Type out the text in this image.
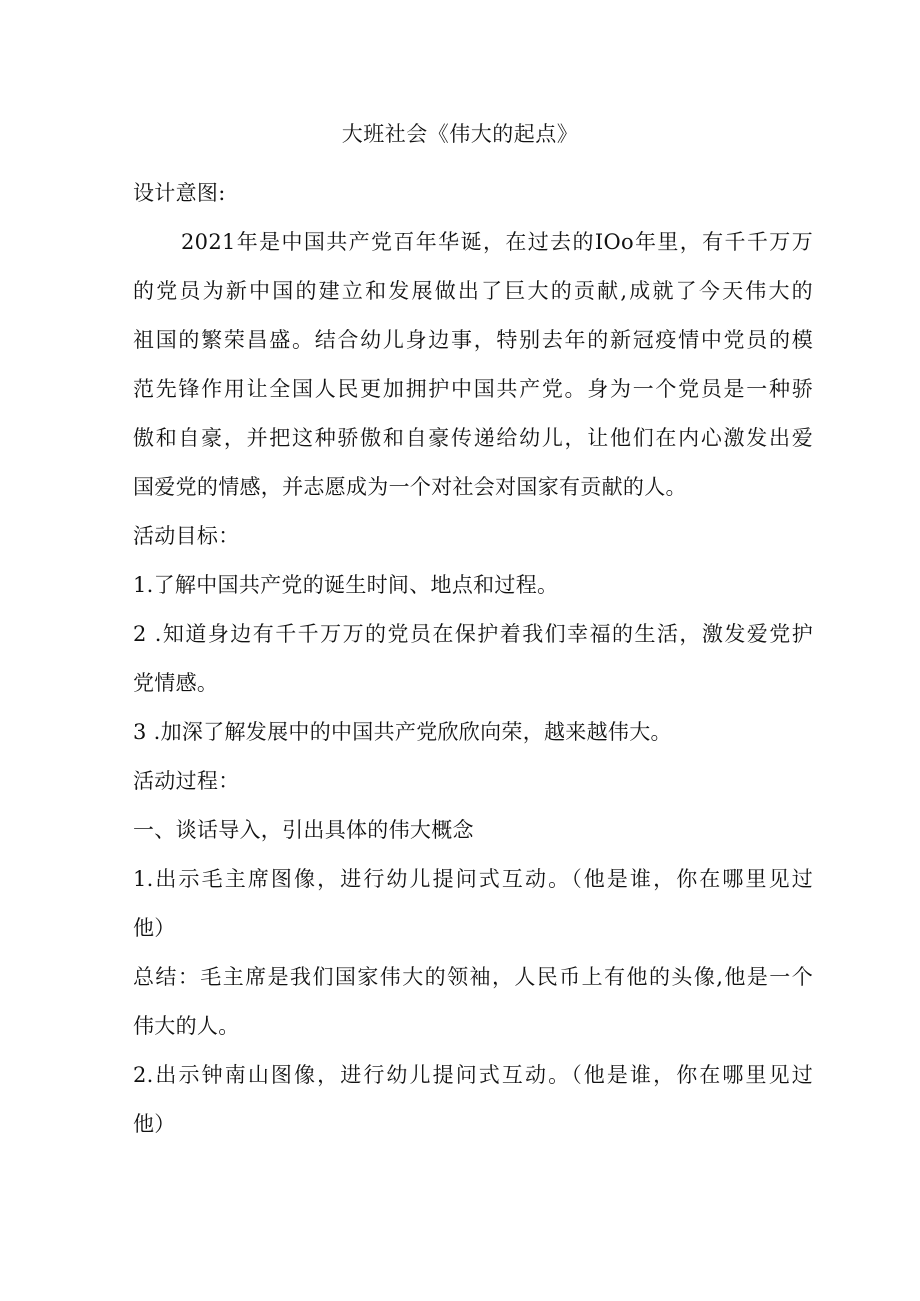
大班社会《伟大的起点》
设计意图:
2021年是中国共产党百年华诞，在过去的IOo年里，有千千万万
的党员为新中国的建立和发展做出了巨大的贡献,成就了今天伟大的
祖国的繁荣昌盛。结合幼儿身边事，特别去年的新冠疫情中党员的模
范先锋作用让全国人民更加拥护中国共产党。身为一个党员是一种骄
傲和自豪，并把这种骄傲和自豪传递给幼儿，让他们在内心激发出爱
国爱党的情感，并志愿成为一个对社会对国家有贡献的人。
活动目标：
1.了解中国共产党的诞生时间、地点和过程。
2 .知道身边有千千万万的党员在保护着我们幸福的生活，激发爱党护
党情感。
3 .加深了解发展中的中国共产党欣欣向荣，越来越伟大。
活动过程：
一、谈话导入，引出具体的伟大概念
1.出示毛主席图像，进行幼儿提问式互动。（他是谁，你在哪里见过
他）
总结：毛主席是我们国家伟大的领袖，人民币上有他的头像,他是一个
伟大的人。
2.出示钟南山图像，进行幼儿提问式互动。（他是谁，你在哪里见过
他）
